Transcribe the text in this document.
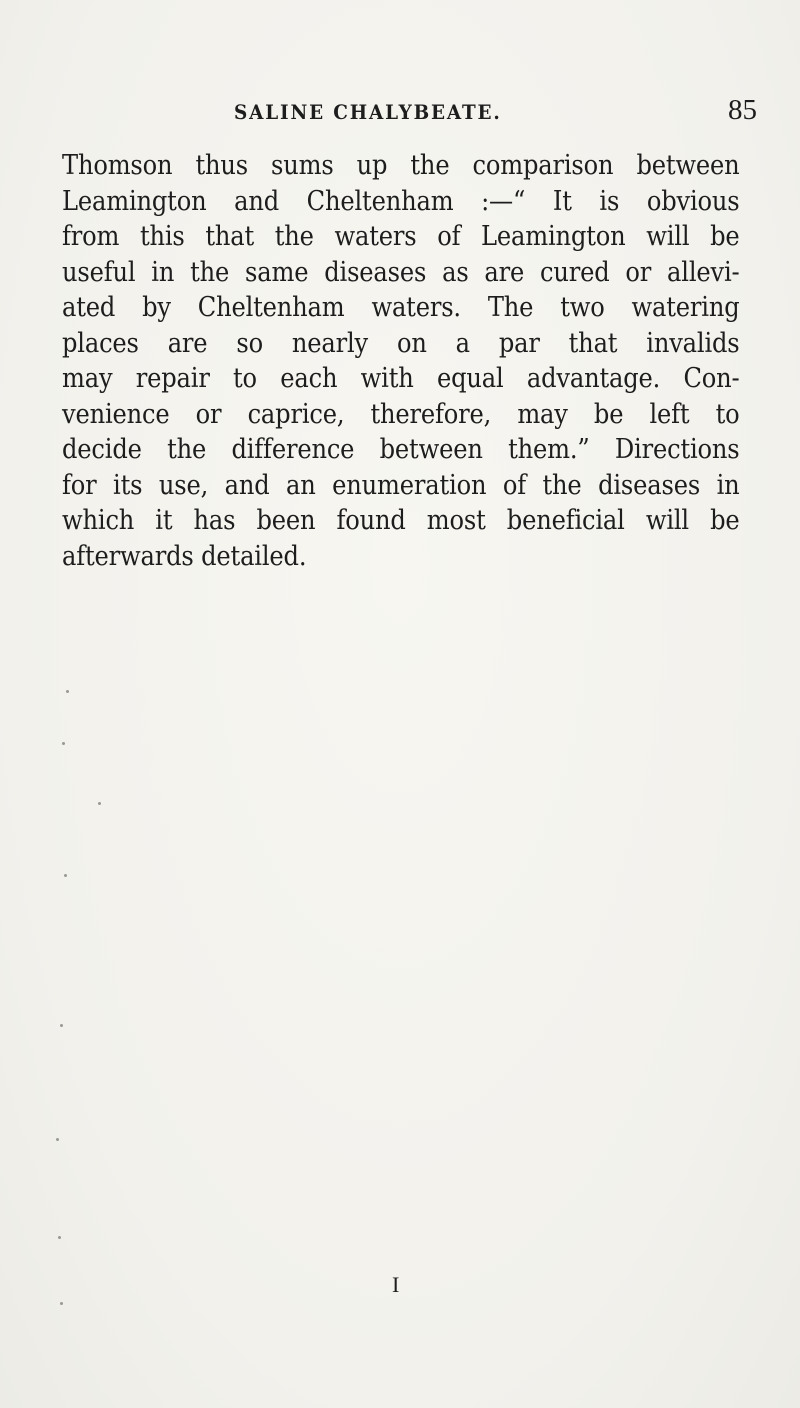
SALINE CHALYBEATE.	85
Thomson thus sums up the comparison between
Leamington and Cheltenham :—“ It is obvious
from this that the waters of Leamington will be
useful in the same diseases as are cured or allevi-
ated by Cheltenham waters. The two watering
places are so nearly on a par that invalids
may repair to each with equal advantage. Con-
venience or caprice, therefore, may be left to
decide the difference between them.” Directions
for its use, and an enumeration of the diseases in
which it has been found most beneficial will be
afterwards detailed.
I
